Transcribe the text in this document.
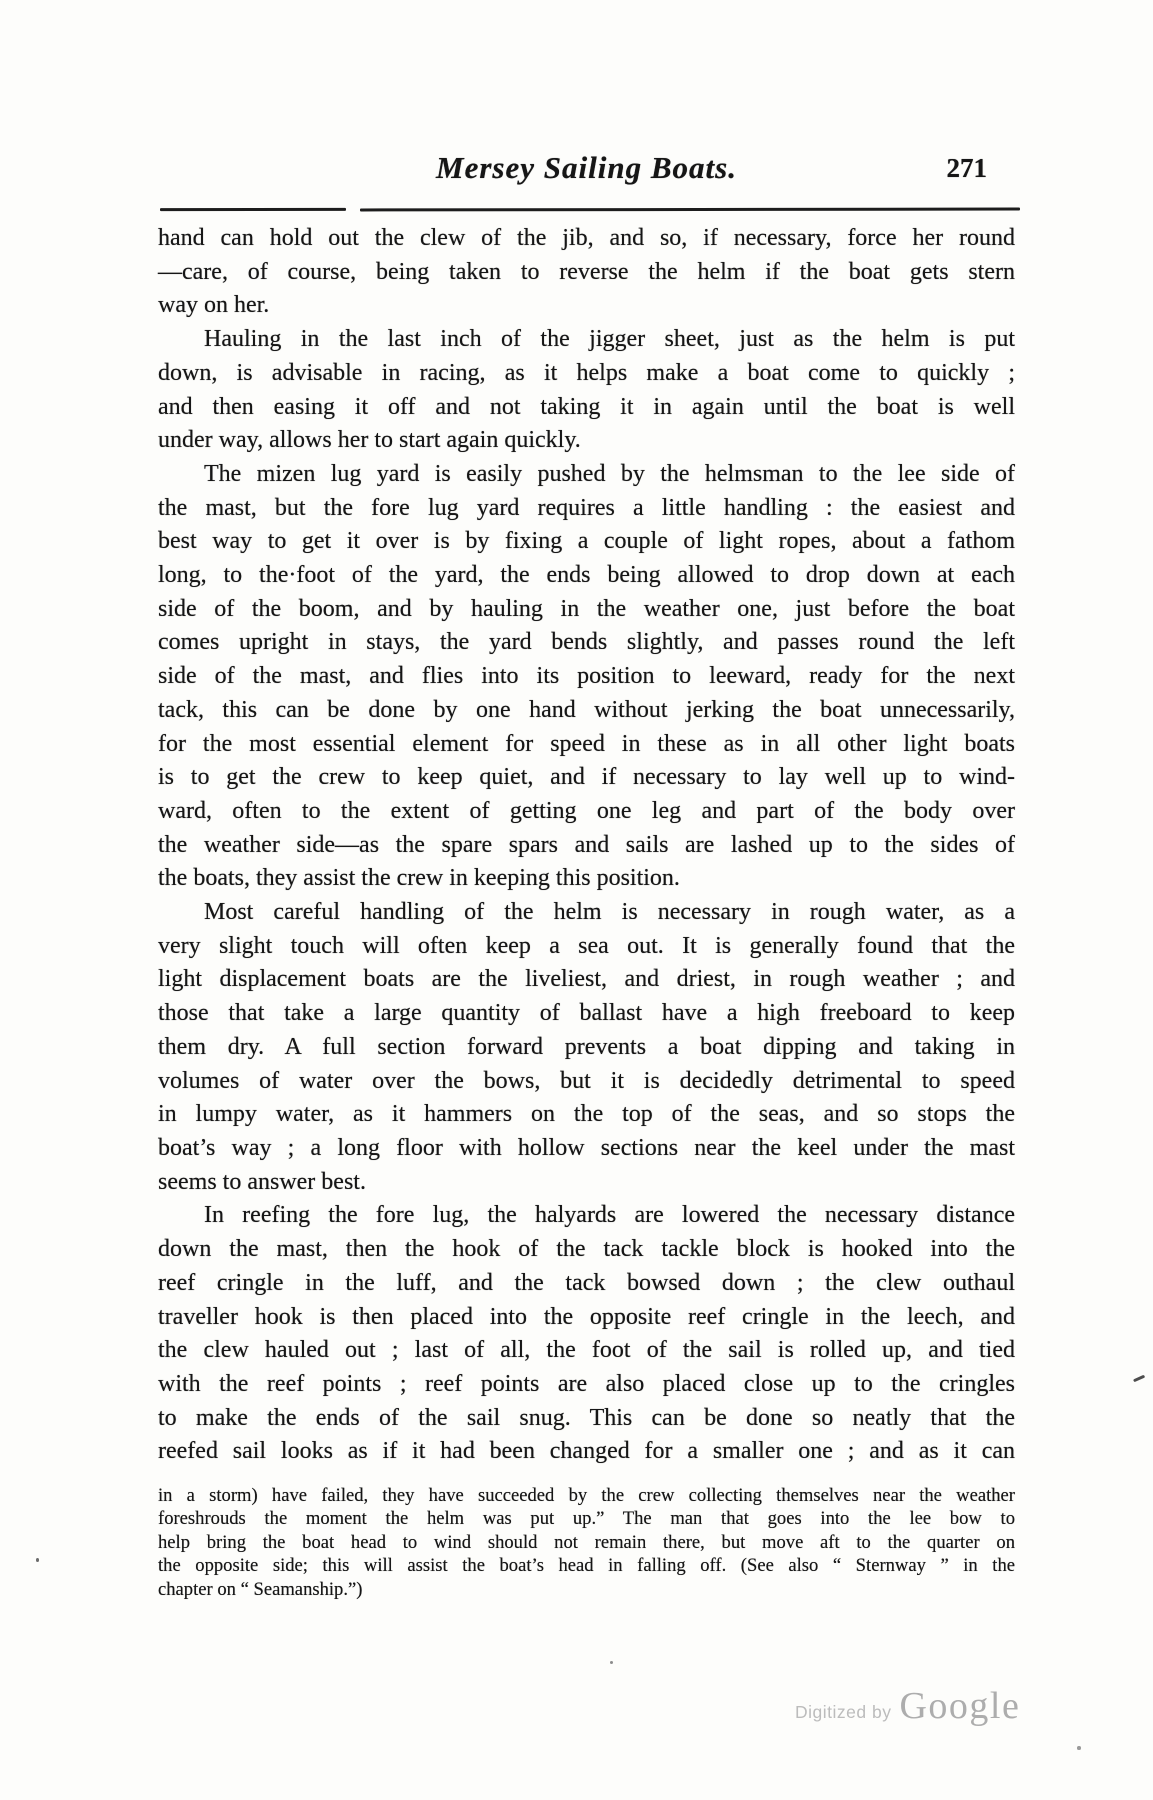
Mersey Sailing Boats.	271
hand can hold out the clew of the jib, and so, if necessary, force her round
—care, of course, being taken to reverse the helm if the boat gets stern
way on her.
Hauling in the last inch of the jigger sheet, just as the helm is put
down, is advisable in racing, as it helps make a boat come to quickly ;
and then easing it off and not taking it in again until the boat is well
under way, allows her to start again quickly.
The mizen lug yard is easily pushed by the helmsman to the lee side of
the mast, but the fore lug yard requires a little handling : the easiest and
best way to get it over is by fixing a couple of light ropes, about a fathom
long, to the·foot of the yard, the ends being allowed to drop down at each
side of the boom, and by hauling in the weather one, just before the boat
comes upright in stays, the yard bends slightly, and passes round the left
side of the mast, and flies into its position to leeward, ready for the next
tack, this can be done by one hand without jerking the boat unnecessarily,
for the most essential element for speed in these as in all other light boats
is to get the crew to keep quiet, and if necessary to lay well up to wind-
ward, often to the extent of getting one leg and part of the body over
the weather side—as the spare spars and sails are lashed up to the sides of
the boats, they assist the crew in keeping this position.
Most careful handling of the helm is necessary in rough water, as a
very slight touch will often keep a sea out. It is generally found that the
light displacement boats are the liveliest, and driest, in rough weather ; and
those that take a large quantity of ballast have a high freeboard to keep
them dry. A full section forward prevents a boat dipping and taking in
volumes of water over the bows, but it is decidedly detrimental to speed
in lumpy water, as it hammers on the top of the seas, and so stops the
boat’s way ; a long floor with hollow sections near the keel under the mast
seems to answer best.
In reefing the fore lug, the halyards are lowered the necessary distance
down the mast, then the hook of the tack tackle block is hooked into the
reef cringle in the luff, and the tack bowsed down ; the clew outhaul
traveller hook is then placed into the opposite reef cringle in the leech, and
the clew hauled out ; last of all, the foot of the sail is rolled up, and tied
with the reef points ; reef points are also placed close up to the cringles
to make the ends of the sail snug. This can be done so neatly that the
reefed sail looks as if it had been changed for a smaller one ; and as it can
in a storm) have failed, they have succeeded by the crew collecting themselves near the weather
foreshrouds the moment the helm was put up.” The man that goes into the lee bow to
help bring the boat head to wind should not remain there, but move aft to the quarter on
the opposite side; this will assist the boat’s head in falling off. (See also “ Sternway ” in the
chapter on “ Seamanship.”)
Digitized by Google
